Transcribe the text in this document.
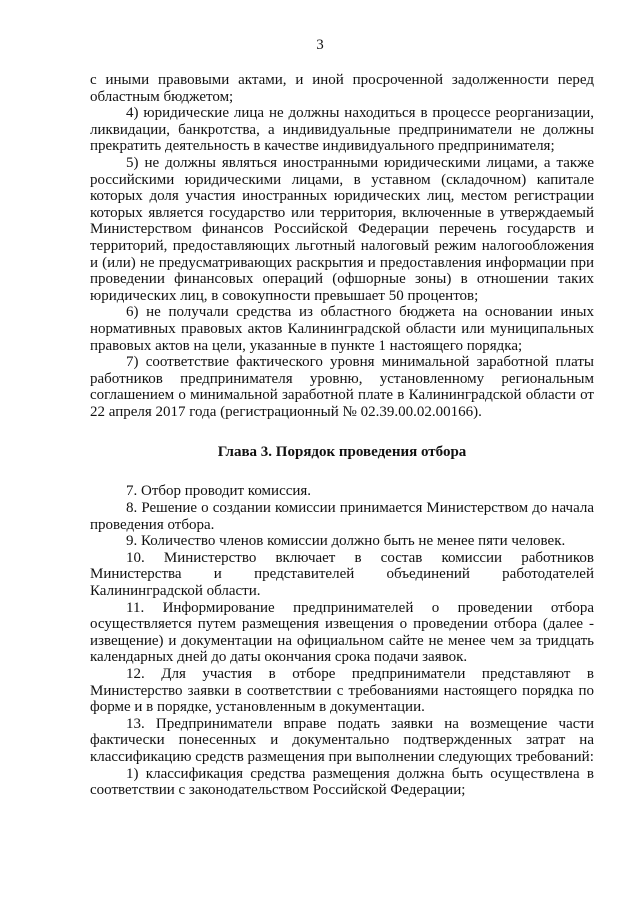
3

с иными правовыми актами, и иной просроченной задолженности перед областным бюджетом;

4) юридические лица не должны находиться в процессе реорганизации, ликвидации, банкротства, а индивидуальные предприниматели не должны прекратить деятельность в качестве индивидуального предпринимателя;

5) не должны являться иностранными юридическими лицами, а также российскими юридическими лицами, в уставном (складочном) капитале которых доля участия иностранных юридических лиц, местом регистрации которых является государство или территория, включенные в утверждаемый Министерством финансов Российской Федерации перечень государств и территорий, предоставляющих льготный налоговый режим налогообложения и (или) не предусматривающих раскрытия и предоставления информации при проведении финансовых операций (офшорные зоны) в отношении таких юридических лиц, в совокупности превышает 50 процентов;

6) не получали средства из областного бюджета на основании иных нормативных правовых актов Калининградской области или муниципальных правовых актов на цели, указанные в пункте 1 настоящего порядка;

7) соответствие фактического уровня минимальной заработной платы работников предпринимателя уровню, установленному региональным соглашением о минимальной заработной плате в Калининградской области от 22 апреля 2017 года (регистрационный № 02.39.00.02.00166).

Глава 3. Порядок проведения отбора

7. Отбор проводит комиссия.

8. Решение о создании комиссии принимается Министерством до начала проведения отбора.

9. Количество членов комиссии должно быть не менее пяти человек.

10. Министерство включает в состав комиссии работников Министерства и представителей объединений работодателей Калининградской области.

11. Информирование предпринимателей о проведении отбора осуществляется путем размещения извещения о проведении отбора (далее - извещение) и документации на официальном сайте не менее чем за тридцать календарных дней до даты окончания срока подачи заявок.

12. Для участия в отборе предприниматели представляют в Министерство заявки в соответствии с требованиями настоящего порядка по форме и в порядке, установленным в документации.

13. Предприниматели вправе подать заявки на возмещение части фактически понесенных и документально подтвержденных затрат на классификацию средств размещения при выполнении следующих требований:

1) классификация средства размещения должна быть осуществлена в соответствии с законодательством Российской Федерации;
